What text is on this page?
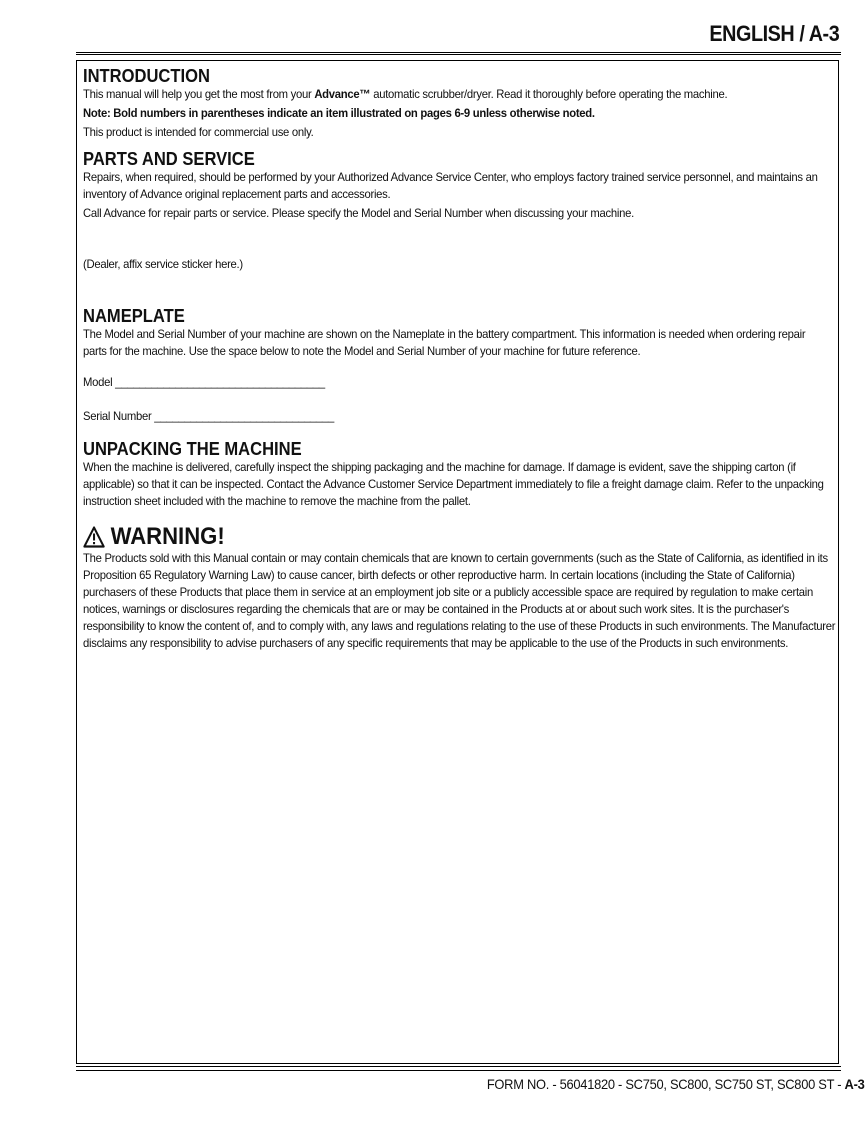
ENGLISH / A-3
INTRODUCTION

This manual will help you get the most from your Advance™ automatic scrubber/dryer. Read it thoroughly before operating the machine.

Note: Bold numbers in parentheses indicate an item illustrated on pages 6-9 unless otherwise noted.

This product is intended for commercial use only.

PARTS AND SERVICE

Repairs, when required, should be performed by your Authorized Advance Service Center, who employs factory trained service personnel, and maintains an inventory of Advance original replacement parts and accessories.

Call Advance for repair parts or service. Please specify the Model and Serial Number when discussing your machine.

(Dealer, affix service sticker here.)

NAMEPLATE

The Model and Serial Number of your machine are shown on the Nameplate in the battery compartment. This information is needed when ordering repair parts for the machine. Use the space below to note the Model and Serial Number of your machine for future reference.

Model ___________________________________

Serial Number ______________________________

UNPACKING THE MACHINE

When the machine is delivered, carefully inspect the shipping packaging and the machine for damage. If damage is evident, save the shipping carton (if applicable) so that it can be inspected. Contact the Advance Customer Service Department immediately to file a freight damage claim. Refer to the unpacking instruction sheet included with the machine to remove the machine from the pallet.

WARNING!

The Products sold with this Manual contain or may contain chemicals that are known to certain governments (such as the State of California, as identified in its Proposition 65 Regulatory Warning Law) to cause cancer, birth defects or other reproductive harm. In certain locations (including the State of California) purchasers of these Products that place them in service at an employment job site or a publicly accessible space are required by regulation to make certain notices, warnings or disclosures regarding the chemicals that are or may be contained in the Products at or about such work sites. It is the purchaser's responsibility to know the content of, and to comply with, any laws and regulations relating to the use of these Products in such environments. The Manufacturer disclaims any responsibility to advise purchasers of any specific requirements that may be applicable to the use of the Products in such environments.

FORM NO. - 56041820 - SC750, SC800, SC750 ST, SC800 ST - A-3
